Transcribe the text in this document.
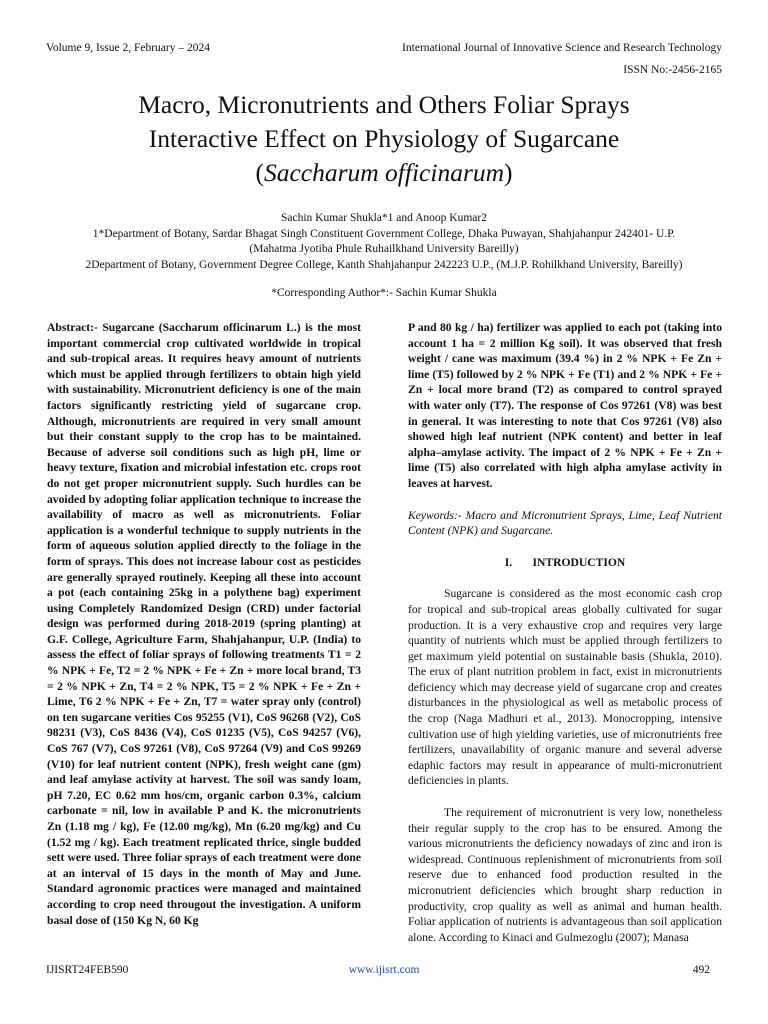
Volume 9, Issue 2, February – 2024	International Journal of Innovative Science and Research Technology
ISSN No:-2456-2165
Macro, Micronutrients and Others Foliar Sprays
Interactive Effect on Physiology of Sugarcane
(Saccharum officinarum)

Sachin Kumar Shukla*1 and Anoop Kumar2

1*Department of Botany, Sardar Bhagat Singh Constituent Government College, Dhaka Puwayan, Shahjahanpur 242401- U.P.

(Mahatma Jyotiba Phule Ruhailkhand University Bareilly)

2Department of Botany, Government Degree College, Kanth Shahjahanpur 242223 U.P., (M.J.P. Rohilkhand University, Bareilly)

*Corresponding Author*:- Sachin Kumar Shukla

Abstract:- Sugarcane (Saccharum officinarum L.) is the most important commercial crop cultivated worldwide in tropical and sub-tropical areas. It requires heavy amount of nutrients which must be applied through fertilizers to obtain high yield with sustainability. Micronutrient deficiency is one of the main factors significantly restricting yield of sugarcane crop. Although, micronutrients are required in very small amount but their constant supply to the crop has to be maintained. Because of adverse soil conditions such as high pH, lime or heavy texture, fixation and microbial infestation etc. crops root do not get proper micronutrient supply. Such hurdles can be avoided by adopting foliar application technique to increase the availability of macro as well as micronutrients. Foliar application is a wonderful technique to supply nutrients in the form of aqueous solution applied directly to the foliage in the form of sprays. This does not increase labour cost as pesticides are generally sprayed routinely. Keeping all these into account a pot (each containing 25kg in a polythene bag) experiment using Completely Randomized Design (CRD) under factorial design was performed during 2018-2019 (spring planting) at G.F. College, Agriculture Farm, Shahjahanpur, U.P. (India) to assess the effect of foliar sprays of following treatments T1 = 2 % NPK + Fe, T2 = 2 % NPK + Fe + Zn + more local brand, T3 = 2 % NPK + Zn, T4 = 2 % NPK, T5 = 2 % NPK + Fe + Zn + Lime, T6 2 % NPK + Fe + Zn, T7 = water spray only (control) on ten sugarcane verities Cos 95255 (V1), CoS 96268 (V2), CoS 98231 (V3), CoS 8436 (V4), CoS 01235 (V5), CoS 94257 (V6), CoS 767 (V7), CoS 97261 (V8), CoS 97264 (V9) and CoS 99269 (V10) for leaf nutrient content (NPK), fresh weight cane (gm) and leaf amylase activity at harvest. The soil was sandy loam, pH 7.20, EC 0.62 mm hos/cm, organic carbon 0.3%, calcium carbonate = nil, low in available P and K. the micronutrients Zn (1.18 mg / kg), Fe (12.00 mg/kg), Mn (6.20 mg/kg) and Cu (1.52 mg / kg). Each treatment replicated thrice, single budded sett were used. Three foliar sprays of each treatment were done at an interval of 15 days in the month of May and June. Standard agronomic practices were managed and maintained according to crop need througout the investigation. A uniform basal dose of (150 Kg N, 60 Kg

P and 80 kg / ha) fertilizer was applied to each pot (taking into account 1 ha = 2 million Kg soil). It was observed that fresh weight / cane was maximum (39.4 %) in 2 % NPK + Fe Zn + lime (T5) followed by 2 % NPK + Fe (T1) and 2 % NPK + Fe + Zn + local more brand (T2) as compared to control sprayed with water only (T7). The response of Cos 97261 (V8) was best in general. It was interesting to note that Cos 97261 (V8) also showed high leaf nutrient (NPK content) and better in leaf alpha–amylase activity. The impact of 2 % NPK + Fe + Zn + lime (T5) also correlated with high alpha amylase activity in leaves at harvest.

Keywords:- Macro and Micronutrient Sprays, Lime, Leaf Nutrient Content (NPK) and Sugarcane.

I. INTRODUCTION

Sugarcane is considered as the most economic cash crop for tropical and sub-tropical areas globally cultivated for sugar production. It is a very exhaustive crop and requires very large quantity of nutrients which must be applied through fertilizers to get maximum yield potential on sustainable basis (Shukla, 2010). The erux of plant nutrition problem in fact, exist in micronutrients deficiency which may decrease yield of sugarcane crop and creates disturbances in the physiological as well as metabolic process of the crop (Naga Madhuri et al., 2013). Monocropping, intensive cultivation use of high yielding varieties, use of micronutrients free fertilizers, unavailability of organic manure and several adverse edaphic factors may result in appearance of multi-micronutrient deficiencies in plants.

The requirement of micronutrient is very low, nonetheless their regular supply to the crop has to be ensured. Among the various micronutrients the deficiency nowadays of zinc and iron is widespread. Continuous replenishment of micronutrients from soil reserve due to enhanced food production resulted in the micronutrient deficiencies which brought sharp reduction in productivity, crop quality as well as animal and human health. Foliar application of nutrients is advantageous than soil application alone. According to Kinaci and Gulmezoglu (2007); Manasa

IJISRT24FEB590	www.ijisrt.com	492
